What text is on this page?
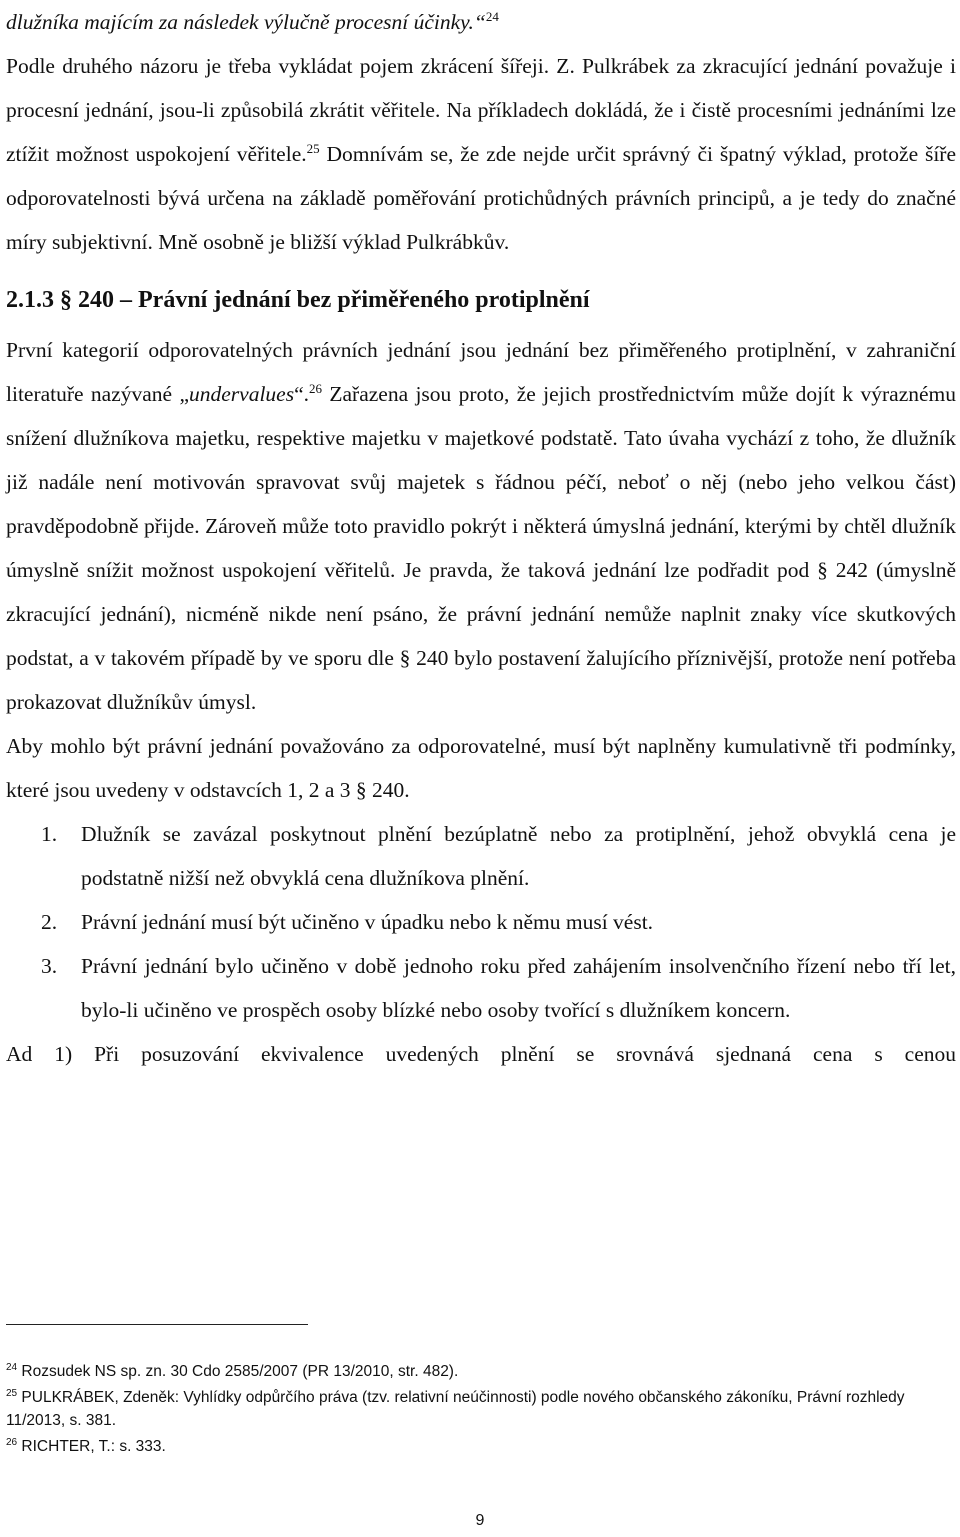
dlužníka majícím za následek výlučně procesní účinky.“$^{24}$

Podle druhého názoru je třeba vykládat pojem zkrácení šířeji. Z. Pulkrábek za zkracující jednání považuje i procesní jednání, jsou-li způsobilá zkrátit věřitele. Na příkladech dokládá, že i čistě procesními jednáními lze ztížit možnost uspokojení věřitele.$^{25}$ Domnívám se, že zde nejde určit správný či špatný výklad, protože šíře odporovatelnosti bývá určena na základě poměřování protichůdných právních principů, a je tedy do značné míry subjektivní. Mně osobně je bližší výklad Pulkrábkův.

2.1.3 § 240 – Právní jednání bez přiměřeného protiplnění

První kategorií odporovatelných právních jednání jsou jednání bez přiměřeného protiplnění, v zahraniční literatuře nazývané „undervalues“.$^{26}$ Zařazena jsou proto, že jejich prostřednictvím může dojít k výraznému snížení dlužníkova majetku, respektive majetku v majetkové podstatě. Tato úvaha vychází z toho, že dlužník již nadále není motivován spravovat svůj majetek s řádnou péčí, neboť o něj (nebo jeho velkou část) pravděpodobně přijde. Zároveň může toto pravidlo pokrýt i některá úmyslná jednání, kterými by chtěl dlužník úmyslně snížit možnost uspokojení věřitelů. Je pravda, že taková jednání lze podřadit pod § 242 (úmyslně zkracující jednání), nicméně nikde není psáno, že právní jednání nemůže naplnit znaky více skutkových podstat, a v takovém případě by ve sporu dle § 240 bylo postavení žalujícího příznivější, protože není potřeba prokazovat dlužníkův úmysl.

Aby mohlo být právní jednání považováno za odporovatelné, musí být naplněny kumulativně tři podmínky, které jsou uvedeny v odstavcích 1, 2 a 3 § 240.

1. Dlužník se zavázal poskytnout plnění bezúplatně nebo za protiplnění, jehož obvyklá cena je podstatně nižší než obvyklá cena dlužníkova plnění.
2. Právní jednání musí být učiněno v úpadku nebo k němu musí vést.
3. Právní jednání bylo učiněno v době jednoho roku před zahájením insolvenčního řízení nebo tří let, bylo-li učiněno ve prospěch osoby blízké nebo osoby tvořící s dlužníkem koncern.

Ad 1) Při posuzování ekvivalence uvedených plnění se srovnává sjednaná cena s cenou

$^{24}$ Rozsudek NS sp. zn. 30 Cdo 2585/2007 (PR 13/2010, str. 482).

$^{25}$ PULKRÁBEK, Zdeněk: Vyhlídky odpůrčího práva (tzv. relativní neúčinnosti) podle nového občanského zákoníku, Právní rozhledy 11/2013, s. 381.

$^{26}$ RICHTER, T.: s. 333.

9
